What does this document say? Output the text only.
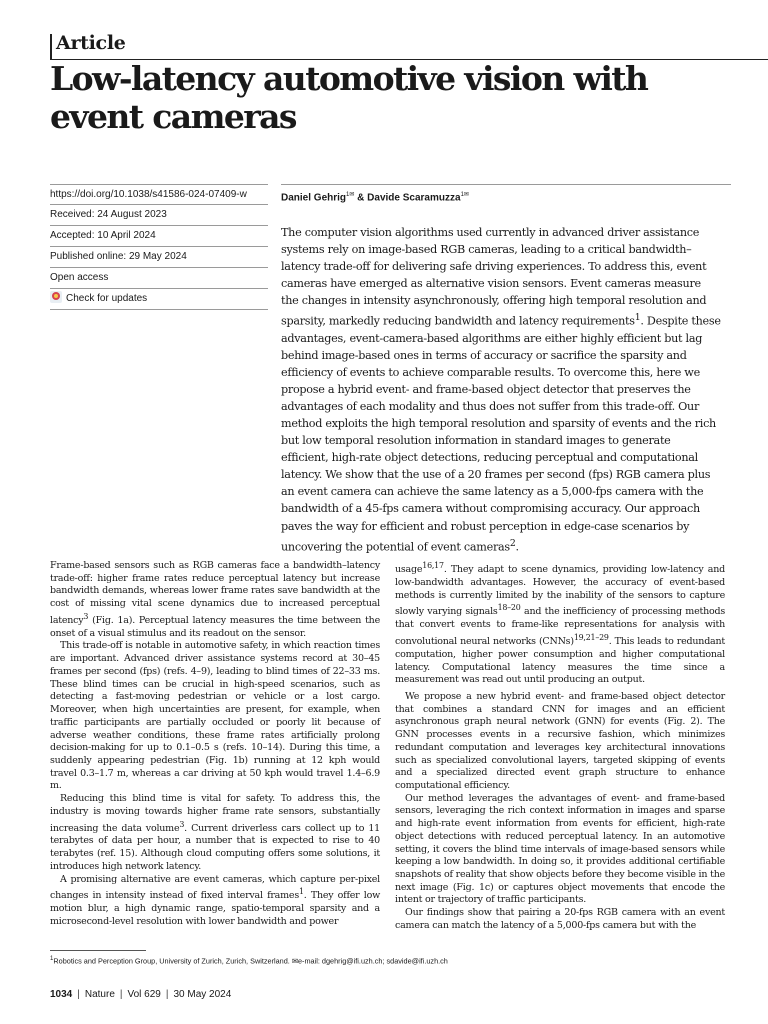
Article
Low-latency automotive vision with event cameras
https://doi.org/10.1038/s41586-024-07409-w
Received: 24 August 2023
Accepted: 10 April 2024
Published online: 29 May 2024
Open access
Check for updates
Daniel Gehrig$^{1✉}$ & Davide Scaramuzza$^{1✉}$
The computer vision algorithms used currently in advanced driver assistance systems rely on image-based RGB cameras, leading to a critical bandwidth–latency trade-off for delivering safe driving experiences. To address this, event cameras have emerged as alternative vision sensors. Event cameras measure the changes in intensity asynchronously, offering high temporal resolution and sparsity, markedly reducing bandwidth and latency requirements$^1$. Despite these advantages, event-camera-based algorithms are either highly efficient but lag behind image-based ones in terms of accuracy or sacrifice the sparsity and efficiency of events to achieve comparable results. To overcome this, here we propose a hybrid event- and frame-based object detector that preserves the advantages of each modality and thus does not suffer from this trade-off. Our method exploits the high temporal resolution and sparsity of events and the rich but low temporal resolution information in standard images to generate efficient, high-rate object detections, reducing perceptual and computational latency. We show that the use of a 20 frames per second (fps) RGB camera plus an event camera can achieve the same latency as a 5,000-fps camera with the bandwidth of a 45-fps camera without compromising accuracy. Our approach paves the way for efficient and robust perception in edge-case scenarios by uncovering the potential of event cameras$^2$.

Frame-based sensors such as RGB cameras face a bandwidth–latency trade-off: higher frame rates reduce perceptual latency but increase bandwidth demands, whereas lower frame rates save bandwidth at the cost of missing vital scene dynamics due to increased perceptual latency$^3$ (Fig. 1a). Perceptual latency measures the time between the onset of a visual stimulus and its readout on the sensor.

This trade-off is notable in automotive safety, in which reaction times are important. Advanced driver assistance systems record at 30–45 frames per second (fps) (refs. 4–9), leading to blind times of 22–33 ms. These blind times can be crucial in high-speed scenarios, such as detecting a fast-moving pedestrian or vehicle or a lost cargo. Moreover, when high uncertainties are present, for example, when traffic participants are partially occluded or poorly lit because of adverse weather conditions, these frame rates artificially prolong decision-making for up to 0.1–0.5 s (refs. 10–14). During this time, a suddenly appearing pedestrian (Fig. 1b) running at 12 kph would travel 0.3–1.7 m, whereas a car driving at 50 kph would travel 1.4–6.9 m.

Reducing this blind time is vital for safety. To address this, the industry is moving towards higher frame rate sensors, substantially increasing the data volume$^3$. Current driverless cars collect up to 11 terabytes of data per hour, a number that is expected to rise to 40 terabytes (ref. 15). Although cloud computing offers some solutions, it introduces high network latency.

A promising alternative are event cameras, which capture per-pixel changes in intensity instead of fixed interval frames$^1$. They offer low motion blur, a high dynamic range, spatio-temporal sparsity and a microsecond-level resolution with lower bandwidth and power

usage$^{16,17}$. They adapt to scene dynamics, providing low-latency and low-bandwidth advantages. However, the accuracy of event-based methods is currently limited by the inability of the sensors to capture slowly varying signals$^{18-20}$ and the inefficiency of processing methods that convert events to frame-like representations for analysis with convolutional neural networks (CNNs)$^{19,21-29}$. This leads to redundant computation, higher power consumption and higher computational latency. Computational latency measures the time since a measurement was read out until producing an output.

We propose a new hybrid event- and frame-based object detector that combines a standard CNN for images and an efficient asynchronous graph neural network (GNN) for events (Fig. 2). The GNN processes events in a recursive fashion, which minimizes redundant computation and leverages key architectural innovations such as specialized convolutional layers, targeted skipping of events and a specialized directed event graph structure to enhance computational efficiency.

Our method leverages the advantages of event- and frame-based sensors, leveraging the rich context information in images and sparse and high-rate event information from events for efficient, high-rate object detections with reduced perceptual latency. In an automotive setting, it covers the blind time intervals of image-based sensors while keeping a low bandwidth. In doing so, it provides additional certifiable snapshots of reality that show objects before they become visible in the next image (Fig. 1c) or captures object movements that encode the intent or trajectory of traffic participants.

Our findings show that pairing a 20-fps RGB camera with an event camera can match the latency of a 5,000-fps camera but with the

$^1$Robotics and Perception Group, University of Zurich, Zurich, Switzerland. ✉e-mail: dgehrig@ifi.uzh.ch; sdavide@ifi.uzh.ch
1034 | Nature | Vol 629 | 30 May 2024
